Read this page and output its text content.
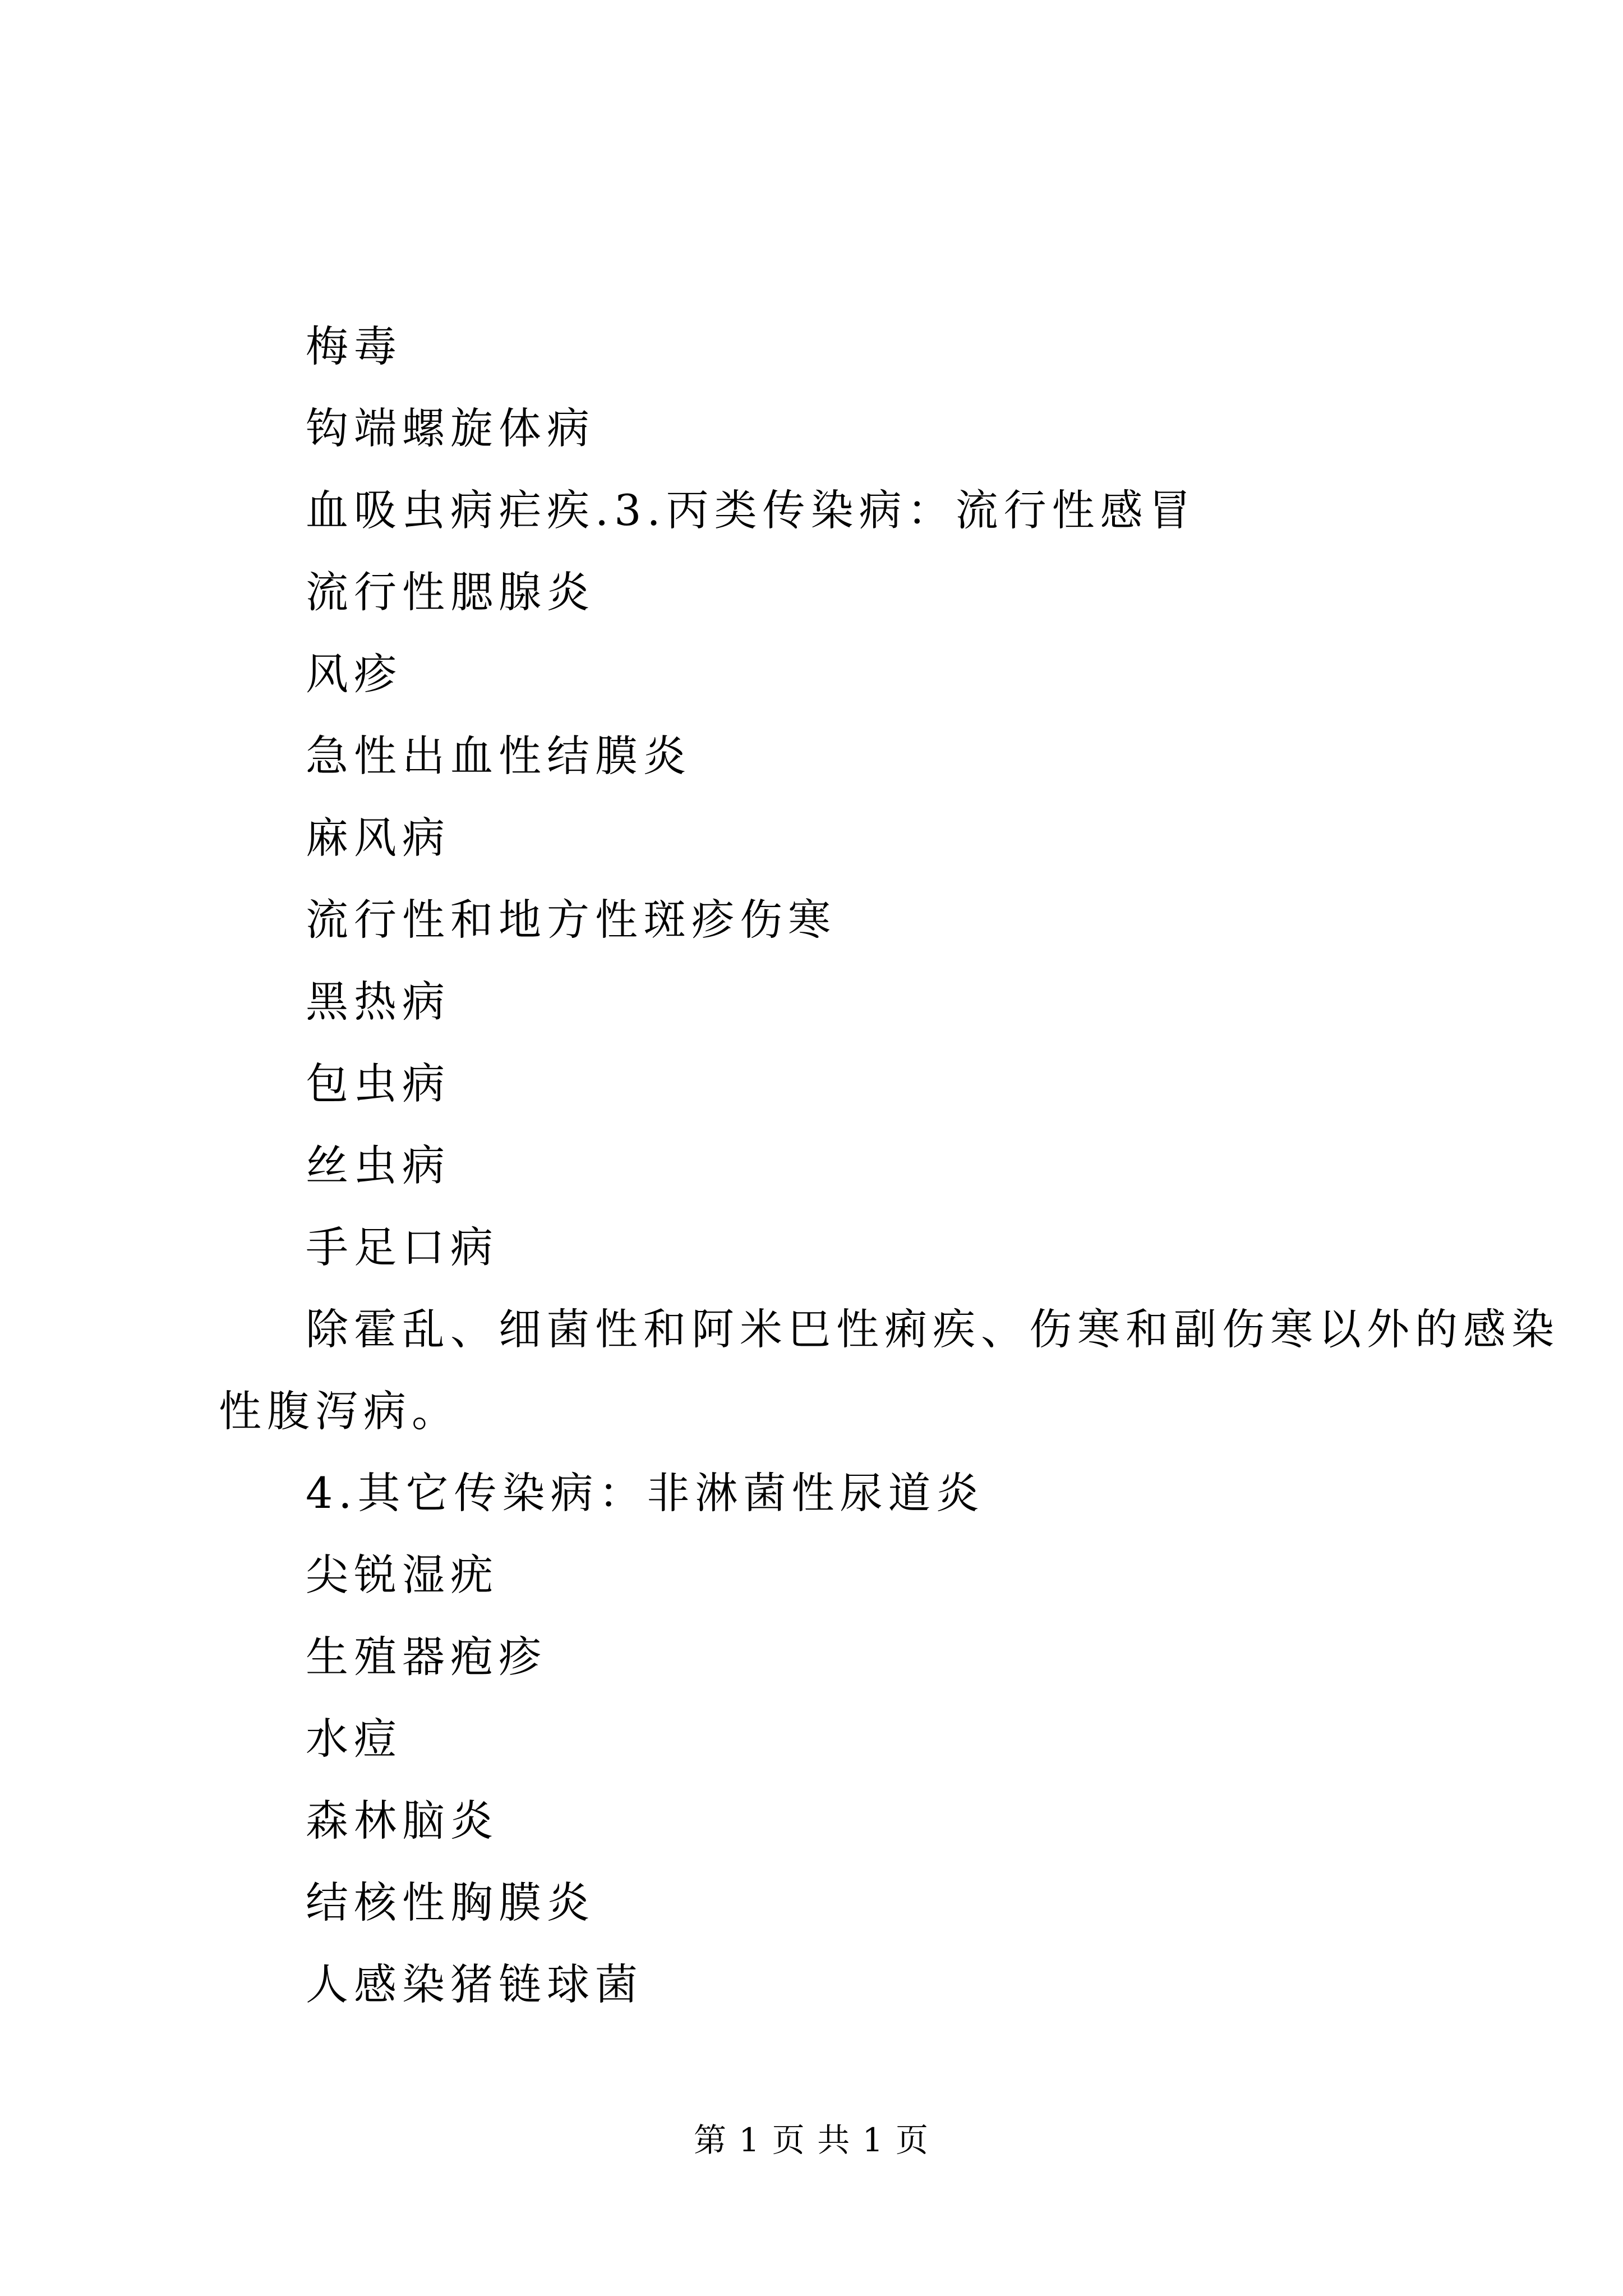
梅毒
钩端螺旋体病
血吸虫病疟疾.3.丙类传染病：流行性感冒
流行性腮腺炎
风疹
急性出血性结膜炎
麻风病
流行性和地方性斑疹伤寒
黑热病
包虫病
丝虫病
手足口病
除霍乱、细菌性和阿米巴性痢疾、伤寒和副伤寒以外的感染
性腹泻病。
4.其它传染病：非淋菌性尿道炎
尖锐湿疣
生殖器疱疹
水痘
森林脑炎
结核性胸膜炎
人感染猪链球菌
第 1 页 共 1 页
